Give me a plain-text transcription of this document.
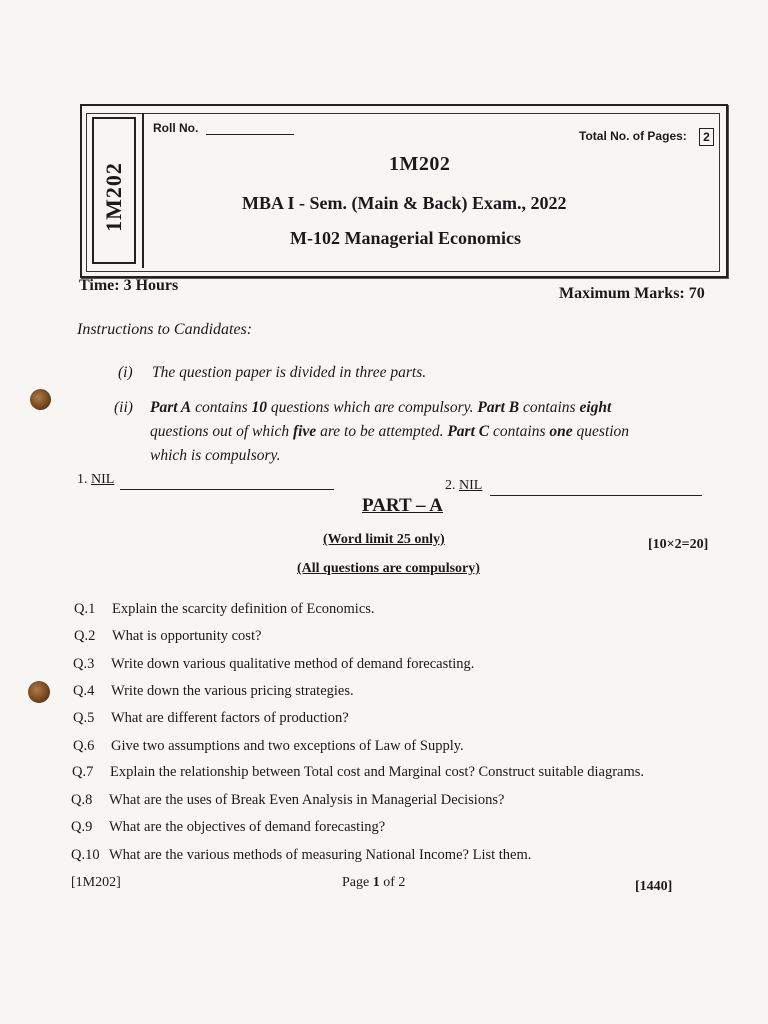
1M202
Roll No.
Total No. of Pages:	2
1M202
MBA I - Sem. (Main & Back) Exam., 2022
M-102 Managerial Economics
Time: 3 Hours	Maximum Marks: 70
Instructions to Candidates:
(i) The question paper is divided in three parts.
(ii) Part A contains 10 questions which are compulsory. Part B contains eight
questions out of which five are to be attempted. Part C contains one question
which is compulsory.
1. NIL	2. NIL
PART – A
(Word limit 25 only)	[10×2=20]
(All questions are compulsory)
Q.1 Explain the scarcity definition of Economics.
Q.2 What is opportunity cost?
Q.3 Write down various qualitative method of demand forecasting.
Q.4 Write down the various pricing strategies.
Q.5 What are different factors of production?
Q.6 Give two assumptions and two exceptions of Law of Supply.
Q.7 Explain the relationship between Total cost and Marginal cost? Construct suitable diagrams.
Q.8 What are the uses of Break Even Analysis in Managerial Decisions?
Q.9 What are the objectives of demand forecasting?
Q.10 What are the various methods of measuring National Income? List them.
[1M202]	Page 1 of 2	[1440]
